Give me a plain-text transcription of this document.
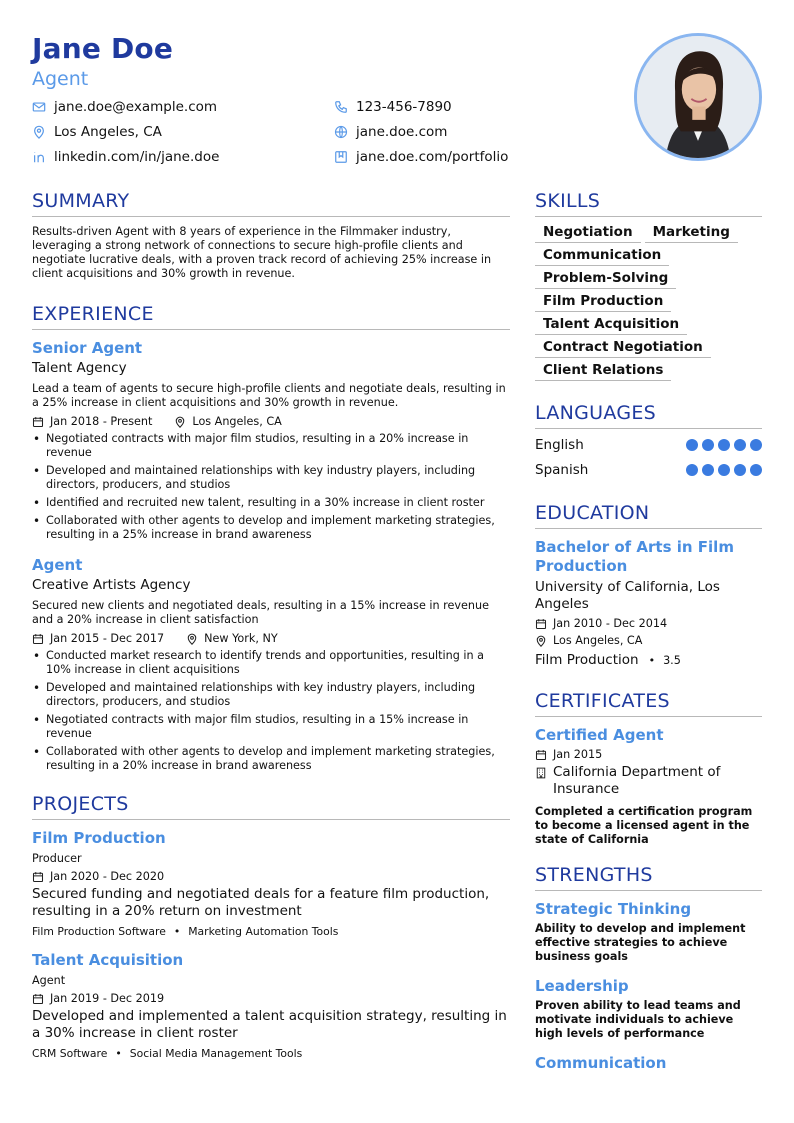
Jane Doe
Agent
jane.doe@example.com	123-456-7890
Los Angeles, CA	jane.doe.com
linkedin.com/in/jane.doe	jane.doe.com/portfolio
SUMMARY
Results-driven Agent with 8 years of experience in the Filmmaker industry, leveraging a strong network of connections to secure high-profile clients and negotiate lucrative deals, with a proven track record of achieving 25% increase in client acquisitions and 30% growth in revenue.
EXPERIENCE
Senior Agent
Talent Agency
Lead a team of agents to secure high-profile clients and negotiate deals, resulting in a 25% increase in client acquisitions and 30% growth in revenue.
Jan 2018 - Present	Los Angeles, CA
• Negotiated contracts with major film studios, resulting in a 20% increase in revenue
• Developed and maintained relationships with key industry players, including directors, producers, and studios
• Identified and recruited new talent, resulting in a 30% increase in client roster
• Collaborated with other agents to develop and implement marketing strategies, resulting in a 25% increase in brand awareness
Agent
Creative Artists Agency
Secured new clients and negotiated deals, resulting in a 15% increase in revenue and a 20% increase in client satisfaction
Jan 2015 - Dec 2017	New York, NY
• Conducted market research to identify trends and opportunities, resulting in a 10% increase in client acquisitions
• Developed and maintained relationships with key industry players, including directors, producers, and studios
• Negotiated contracts with major film studios, resulting in a 15% increase in revenue
• Collaborated with other agents to develop and implement marketing strategies, resulting in a 20% increase in brand awareness
PROJECTS
Film Production
Producer
Jan 2020 - Dec 2020
Secured funding and negotiated deals for a feature film production, resulting in a 20% return on investment
Film Production Software • Marketing Automation Tools
Talent Acquisition
Agent
Jan 2019 - Dec 2019
Developed and implemented a talent acquisition strategy, resulting in a 30% increase in client roster
CRM Software • Social Media Management Tools
SKILLS
Negotiation	Marketing
Communication
Problem-Solving
Film Production
Talent Acquisition
Contract Negotiation
Client Relations
LANGUAGES
English
Spanish
EDUCATION
Bachelor of Arts in Film Production
University of California, Los Angeles
Jan 2010 - Dec 2014
Los Angeles, CA
Film Production • 3.5
CERTIFICATES
Certified Agent
Jan 2015
California Department of Insurance
Completed a certification program to become a licensed agent in the state of California
STRENGTHS
Strategic Thinking
Ability to develop and implement effective strategies to achieve business goals
Leadership
Proven ability to lead teams and motivate individuals to achieve high levels of performance
Communication
